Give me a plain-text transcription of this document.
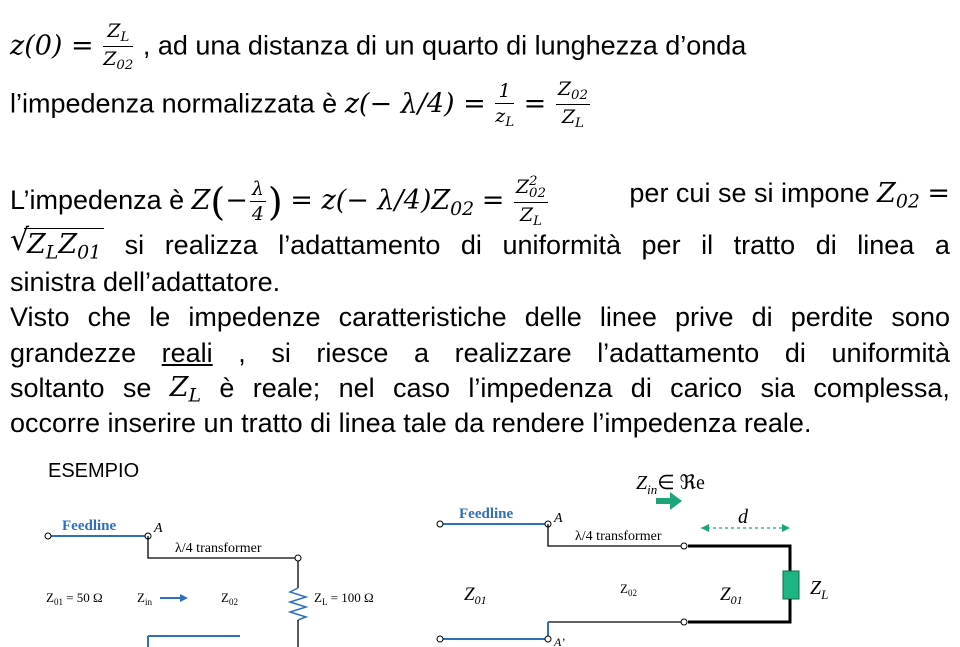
$z(0) = \frac{Z_L}{Z_{02}}$ , ad una distanza di un quarto di lunghezza d’onda
l’impedenza normalizzata è $z(- \lambda/4) = \frac{1}{z_L} = \frac{Z_{02}}{Z_L}$
L’impedenza è $Z(- \frac{\lambda}{4}$ ) = $z(- \lambda/4)Z_{02} = Z$ 2
02
$Z_L$	per cui se si impone $Z_{02}$ =
√
$Z_LZ_{01}$ si realizza l’adattamento di uniformità per il tratto di linea a
sinistra dell’adattatore.
Visto che le impedenze caratteristiche delle linee prive di perdite sono
grandezze reali , si riesce a realizzare l’adattamento di uniformità
soltanto se $Z_L$ è reale; nel caso l’impedenza di carico sia complessa,
occorre inserire un tratto di linea tale da rendere l’impedenza reale.
ESEMPIO
Feedline	A
λ/4 transformer
$Z_{01} = 50$ Ω	$Z_{in}$	$Z_{02}$	$Z_L = 100$ Ω
$Z_{in}\in$ ℜe
Feedline	A
λ/4 transformer
d
$Z_L$
$Z_{01}$
$Z_{02}$	$Z_{01}$
A’
